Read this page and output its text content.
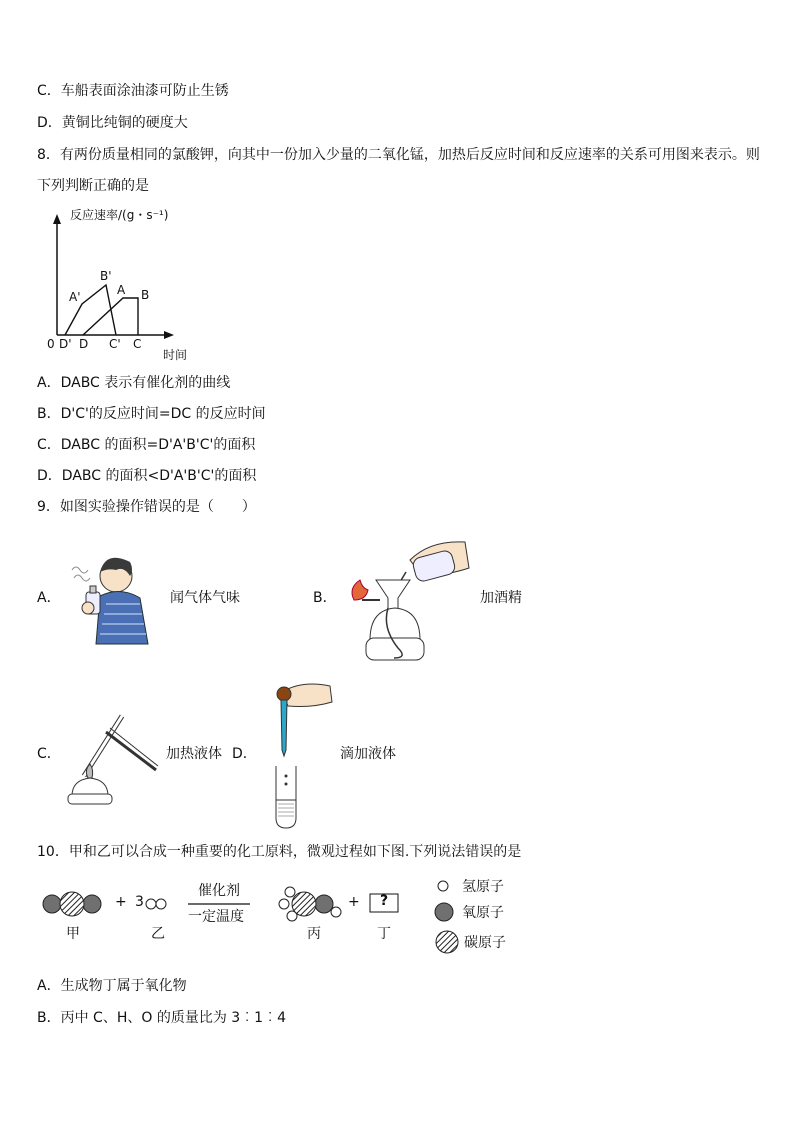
C．车船表面涂油漆可防止生锈
D．黄铜比纯铜的硬度大
8．有两份质量相同的氯酸钾，向其中一份加入少量的二氧化锰，加热后反应时间和反应速率的关系可用图来表示。则
下列判断正确的是
反应速率/(g・s⁻¹)
时间
0
A'
B'
A B
D' D C' C
A．DABC 表示有催化剂的曲线
B．D'C'的反应时间=DC 的反应时间
C．DABC 的面积=D'A'B'C'的面积
D．DABC 的面积<D'A'B'C'的面积
9．如图实验操作错误的是（　　）
A．	闻气体气味	B．	加酒精
C．	加热液体 D．	滴加液体
10．甲和乙可以合成一种重要的化工原料，微观过程如下图.下列说法错误的是
+ 3
催化剂
一定温度
+ ?
甲	乙	丙	丁
氢原子
氧原子
碳原子
A．生成物丁属于氧化物
B．丙中 C、H、O 的质量比为 3︰1︰4
